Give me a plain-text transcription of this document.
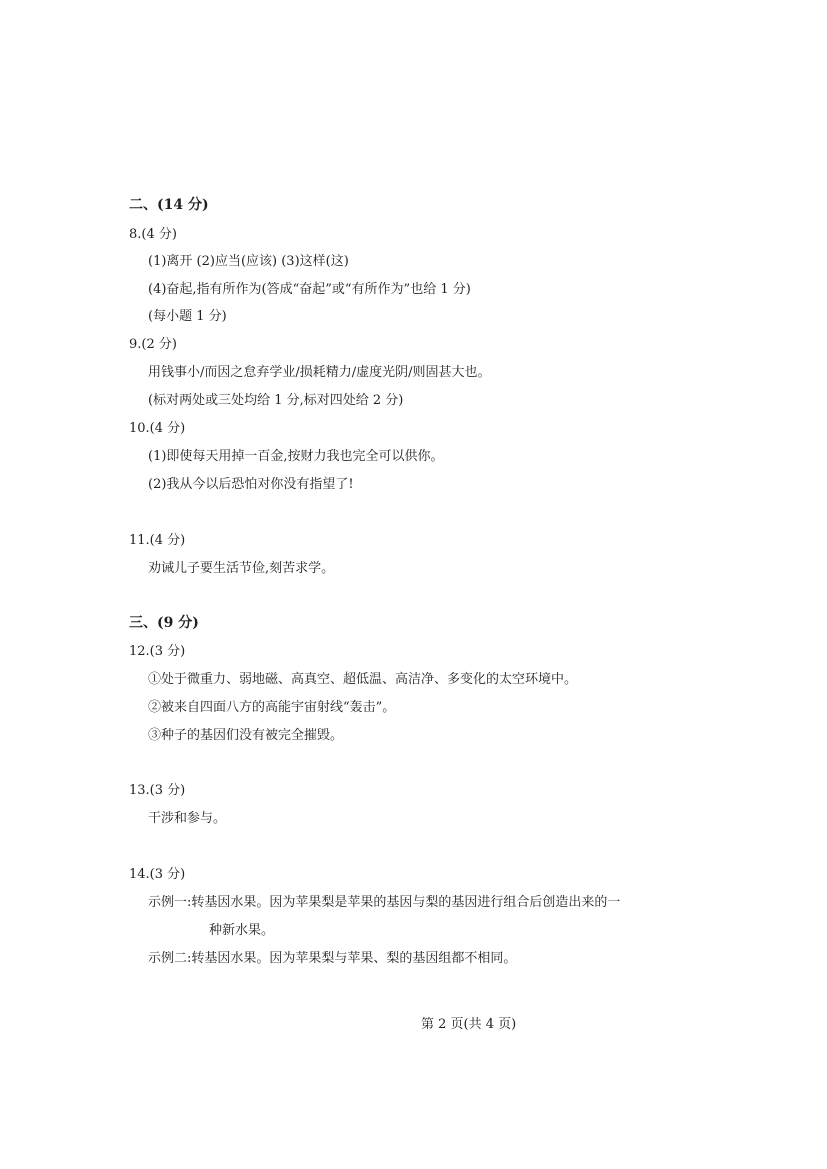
二、(14 分)
8.(4 分)
(1)离开 (2)应当(应该) (3)这样(这)
(4)奋起,指有所作为(答成“奋起”或“有所作为”也给 1 分)
(每小题 1 分)
9.(2 分)
用钱事小/而因之怠弃学业/损耗精力/虚度光阴/则固甚大也。
(标对两处或三处均给 1 分,标对四处给 2 分)
10.(4 分)
(1)即使每天用掉一百金,按财力我也完全可以供你。
(2)我从今以后恐怕对你没有指望了!
11.(4 分)
劝诫儿子要生活节俭,刻苦求学。
三、(9 分)
12.(3 分)
①处于微重力、弱地磁、高真空、超低温、高洁净、多变化的太空环境中。
②被来自四面八方的高能宇宙射线“轰击”。
③种子的基因们没有被完全摧毁。
13.(3 分)
干涉和参与。
14.(3 分)
示例一:转基因水果。因为苹果梨是苹果的基因与梨的基因进行组合后创造出来的一
种新水果。
示例二:转基因水果。因为苹果梨与苹果、梨的基因组都不相同。
第 2 页(共 4 页)
